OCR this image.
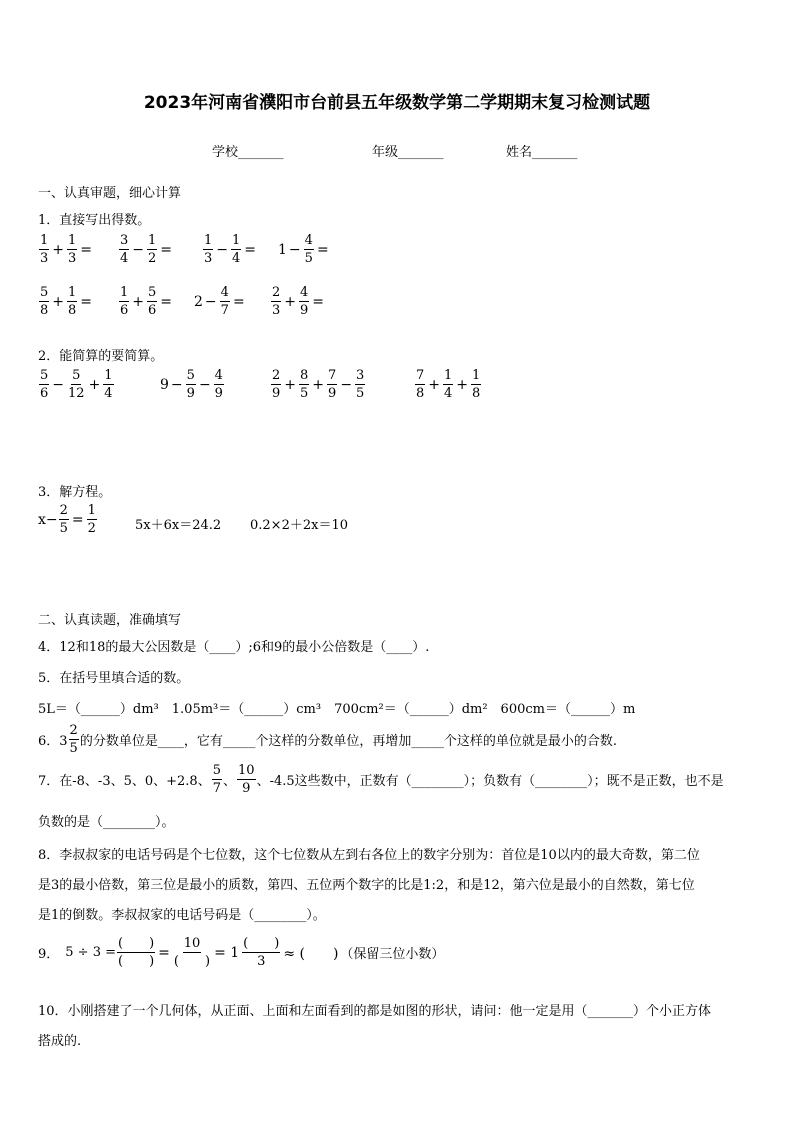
2023年河南省濮阳市台前县五年级数学第二学期期末复习检测试题
学校_______	年级_______	姓名_______
一、认真审题，细心计算
1．直接写出得数。
$\frac{1}{3} + \frac{1}{3} = \frac{3}{4} - \frac{1}{2} = \frac{1}{3} - \frac{1}{4} = 1 - \frac{4}{5}$ =
$\frac{5}{8} + \frac{1}{8} = \frac{1}{6} + \frac{5}{6} = 2 - \frac{4}{7} = \frac{2}{3} + \frac{4}{9}$ =
2．能简算的要简算。
$\frac{5}{6} - \frac{5}{12} + \frac{1}{4}$	$9 - \frac{5}{9} - \frac{4}{9}$	$\frac{2}{9} + \frac{8}{5} + \frac{7}{9} - \frac{3}{5}$	$\frac{7}{8} + \frac{1}{4} + \frac{1}{8}$
3．解方程。
$x- \frac{2}{5} = \frac{1}{2}$	5x＋6x＝24.2 0.2×2＋2x＝10
二、认真读题，准确填写
4．12和18的最大公因数是（____）;6和9的最小公倍数是（____）.
5．在括号里填合适的数。
5L＝（______）dm³　1.05m³＝（______）cm³　700cm²＝（______）dm²　600cm＝（______）m
6．$3 \frac{2}{5}$ 的分数单位是____，它有_____个这样的分数单位，再增加_____个这样的单位就是最小的合数.
7．在-8、-3、5、0、+2.8、 $\frac{5}{7}$ 、 $\frac{10}{9}$ 、-4.5这些数中，正数有（________）；负数有（________）；既不是正数，也不是
负数的是（________）。
8．李叔叔家的电话号码是个七位数，这个七位数从左到右各位上的数字分别为：首位是10以内的最大奇数，第二位
是3的最小倍数，第三位是最小的质数，第四、五位两个数字的比是1:2，和是12，第六位是最小的自然数，第七位
是1的倒数。李叔叔家的电话号码是（________）。
9． $5 \div 3 = \frac{( )}{( )} = \frac{10}{( )} = 1 \frac{( )}{3}$ ≈ (　　) （保留三位小数）
10．小刚搭建了一个几何体，从正面、上面和左面看到的都是如图的形状，请问：他一定是用（_______）个小正方体
搭成的.
